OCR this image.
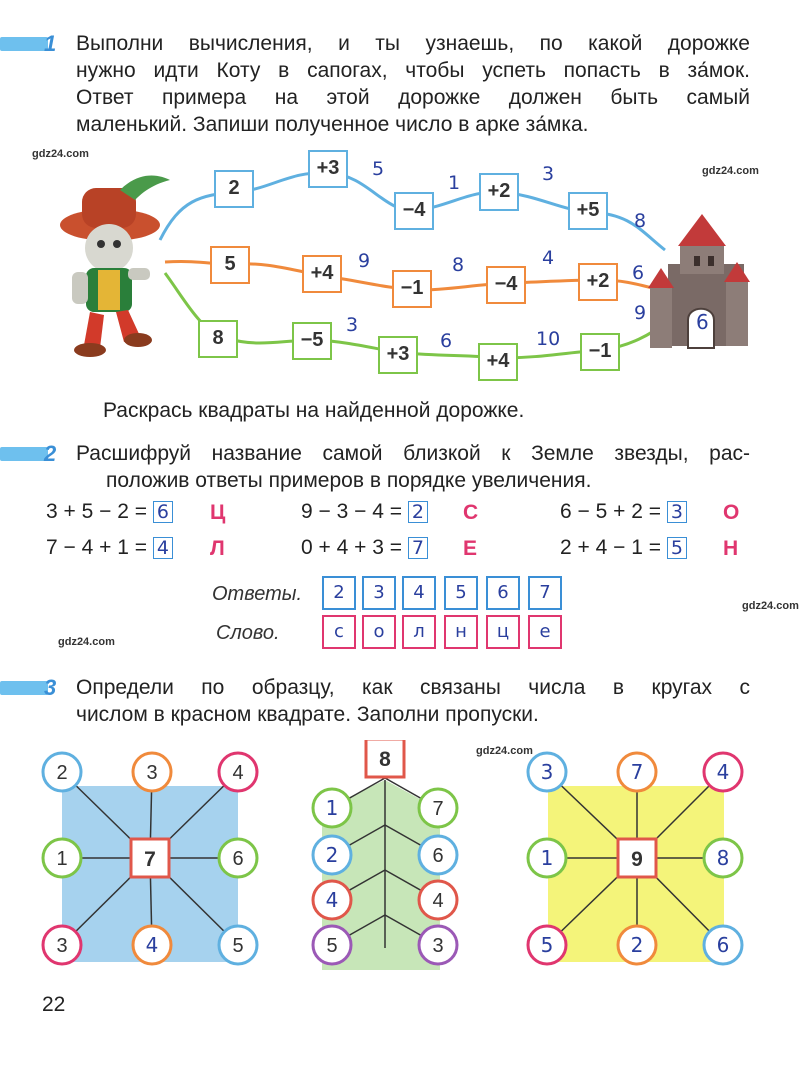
1 Выполни вычисления, и ты узнаешь, по какой дорожке
нужно идти Коту в сапогах, чтобы успеть попасть в за́мок.
Ответ примера на этой дорожке должен быть самый
маленький. Запиши полученное число в арке за́мка.
gdz24.com
gdz24.com
2
+3
−4
+2
+5
5
1	3
8
5	+4
−1	−4	+2
9	8	4
6
8	−5
+3	+4	−1
3
6	10
9 6
Раскрась квадраты на найденной дорожке.
2 Расшифруй название самой близкой к Земле звезды, рас-
положив ответы примеров в порядке увеличения.
3 + 5 − 2 = 6 Ц	9 − 3 − 4 = 2 С	6 − 5 + 2 = 3 О
7 − 4 + 1 = 4 Л	0 + 4 + 3 = 7 Е	2 + 4 − 1 = 5 Н
Ответы.
Слово.
2	3	4	5	6	7
с	о	л	н	ц	е
gdz24.com
gdz24.com
3 Определи по образцу, как связаны числа в кругах с
числом в красном квадрате. Заполни пропуски.
gdz24.com
2	3	4
1	6
3	4	5
7
1	7
2	6
4	4
5	3
8
3	7	4
1	8
5	2	6
9
22
